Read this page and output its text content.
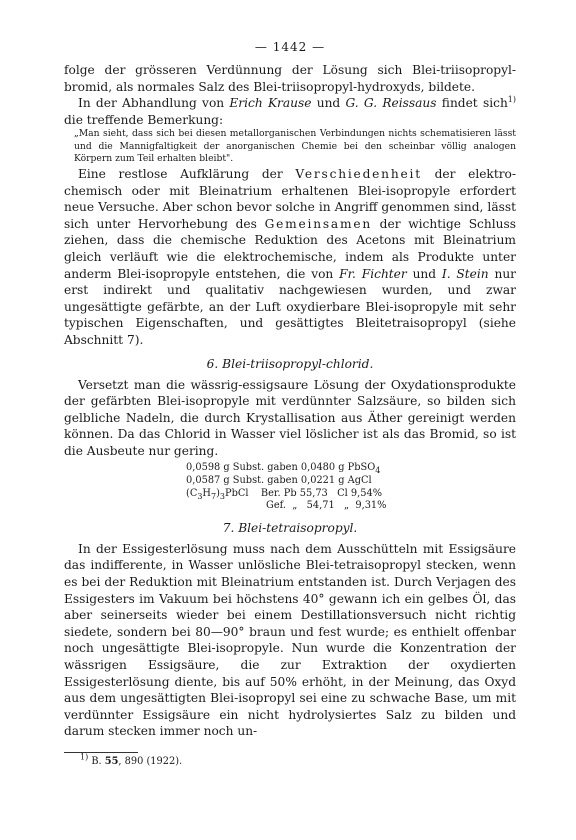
— 1442 —

folge der grösseren Verdünnung der Lösung sich Blei-triisopropylbromid, als normales Salz des Blei-triisopropyl-hydroxyds, bildete.

In der Abhandlung von Erich Krause und G. G. Reissaus findet sich$^{1)}$ die treffende Bemerkung:

„Man sieht, dass sich bei diesen metallorganischen Verbindungen nichts schematisieren lässt und die Mannigfaltigkeit der anorganischen Chemie bei den scheinbar völlig analogen Körpern zum Teil erhalten bleibt".

Eine restlose Aufklärung der Verschiedenheit der elektrochemisch oder mit Bleinatrium erhaltenen Blei-isopropyle erfordert neue Versuche. Aber schon bevor solche in Angriff genommen sind, lässt sich unter Hervorhebung des Gemeinsamen der wichtige Schluss ziehen, dass die chemische Reduktion des Acetons mit Bleinatrium gleich verläuft wie die elektrochemische, indem als Produkte unter anderm Blei-isopropyle entstehen, die von Fr. Fichter und I. Stein nur erst indirekt und qualitativ nachgewiesen wurden, und zwar ungesättigte gefärbte, an der Luft oxydierbare Blei-isopropyle mit sehr typischen Eigenschaften, und gesättigtes Bleitetraisopropyl (siehe Abschnitt 7).

6. Blei-triisopropyl-chlorid.

Versetzt man die wässrig-essigsaure Lösung der Oxydationsprodukte der gefärbten Blei-isopropyle mit verdünnter Salzsäure, so bilden sich gelbliche Nadeln, die durch Krystallisation aus Äther gereinigt werden können. Da das Chlorid in Wasser viel löslicher ist als das Bromid, so ist die Ausbeute nur gering.

0,0598 g Subst. gaben 0,0480 g PbSO$_4$
0,0587 g Subst. gaben 0,0221 g AgCl
$(C_3H_7)_3PbCl$    Ber. Pb 55,73   Cl 9,54%
Gef.  „   54,71   „  9,31%
7. Blei-tetraisopropyl.

In der Essigesterlösung muss nach dem Ausschütteln mit Essigsäure das indifferente, in Wasser unlösliche Blei-tetraisopropyl stecken, wenn es bei der Reduktion mit Bleinatrium entstanden ist. Durch Verjagen des Essigesters im Vakuum bei höchstens 40° gewann ich ein gelbes Öl, das aber seinerseits wieder bei einem Destillationsversuch nicht richtig siedete, sondern bei 80—90° braun und fest wurde; es enthielt offenbar noch ungesättigte Blei-isopropyle. Nun wurde die Konzentration der wässrigen Essigsäure, die zur Extraktion der oxydierten Essigesterlösung diente, bis auf 50% erhöht, in der Meinung, das Oxyd aus dem ungesättigten Blei-isopropyl sei eine zu schwache Base, um mit verdünnter Essigsäure ein nicht hydrolysiertes Salz zu bilden und darum stecken immer noch un-

$^{1)}$ B. 55, 890 (1922).
